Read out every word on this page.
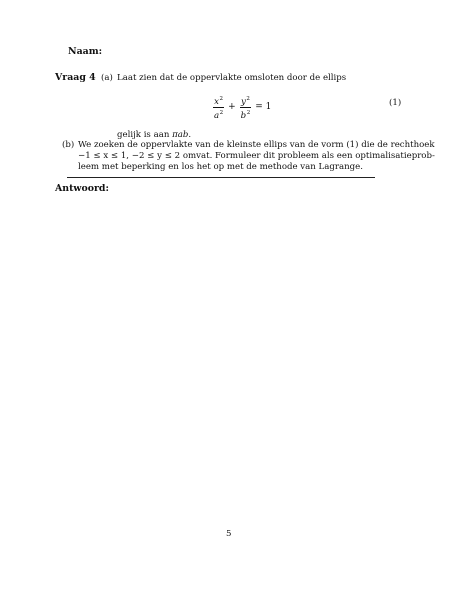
Naam:
Vraag 4 (a) Laat zien dat de oppervlakte omsloten door de ellips
$\frac{x^2}{a^2} + \frac{y^2}{b^2} = 1$	(1)
gelijk is aan πab.
(b) We zoeken de oppervlakte van de kleinste ellips van de vorm (1) die de rechthoek
−1 ≤ x ≤ 1, −2 ≤ y ≤ 2 omvat. Formuleer dit probleem als een optimalisatieprob-
leem met beperking en los het op met de methode van Lagrange.
Antwoord:
5
